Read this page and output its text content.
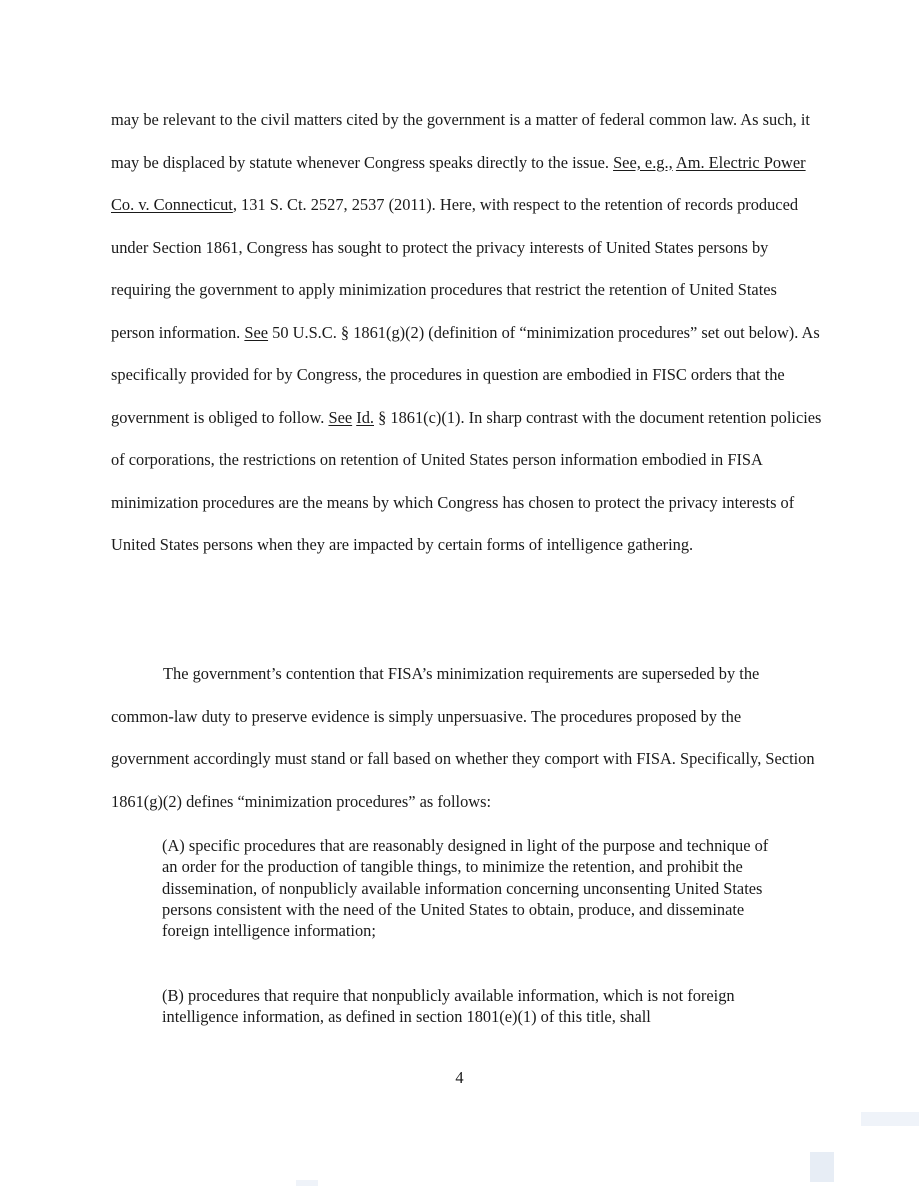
may be relevant to the civil matters cited by the government is a matter of federal common law. As such, it may be displaced by statute whenever Congress speaks directly to the issue. See, e.g., Am. Electric Power Co. v. Connecticut, 131 S. Ct. 2527, 2537 (2011). Here, with respect to the retention of records produced under Section 1861, Congress has sought to protect the privacy interests of United States persons by requiring the government to apply minimization procedures that restrict the retention of United States person information. See 50 U.S.C. § 1861(g)(2) (definition of “minimization procedures” set out below). As specifically provided for by Congress, the procedures in question are embodied in FISC orders that the government is obliged to follow. See Id. § 1861(c)(1). In sharp contrast with the document retention policies of corporations, the restrictions on retention of United States person information embodied in FISA minimization procedures are the means by which Congress has chosen to protect the privacy interests of United States persons when they are impacted by certain forms of intelligence gathering.

The government’s contention that FISA’s minimization requirements are superseded by the common-law duty to preserve evidence is simply unpersuasive. The procedures proposed by the government accordingly must stand or fall based on whether they comport with FISA. Specifically, Section 1861(g)(2) defines “minimization procedures” as follows:

(A) specific procedures that are reasonably designed in light of the purpose and technique of an order for the production of tangible things, to minimize the retention, and prohibit the dissemination, of nonpublicly available information concerning unconsenting United States persons consistent with the need of the United States to obtain, produce, and disseminate foreign intelligence information;

(B) procedures that require that nonpublicly available information, which is not foreign intelligence information, as defined in section 1801(e)(1) of this title, shall

4
